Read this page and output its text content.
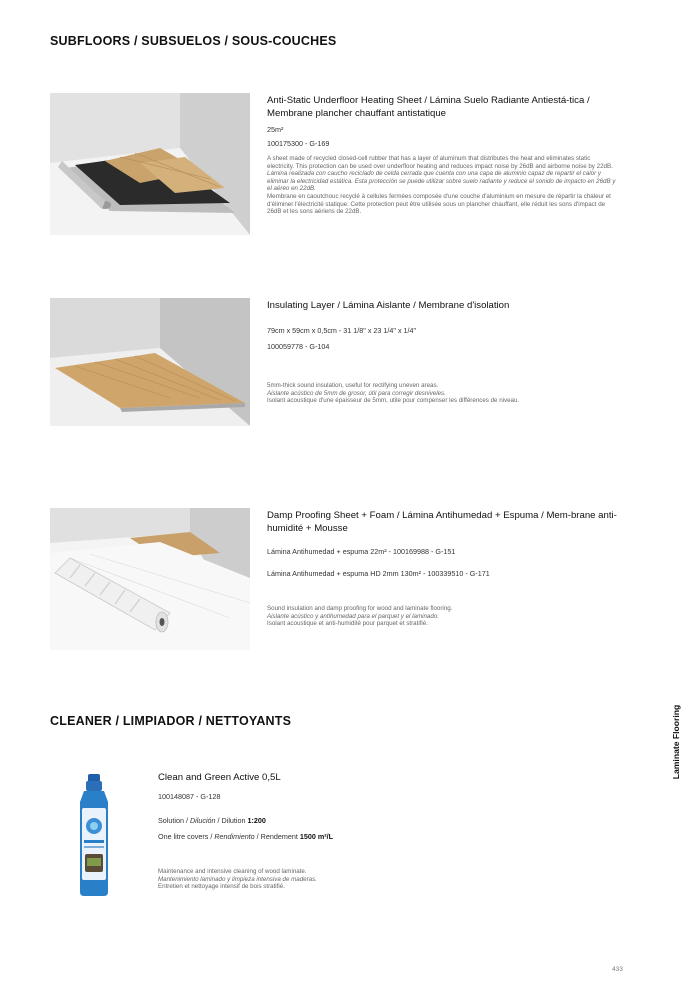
SUBFLOORS / SUBSUELOS / SOUS-COUCHES
Anti-Static Underfloor Heating Sheet / Lámina Suelo Radiante Antiestá-tica / Membrane plancher chauffant antistatique
25m²
100175300 - G-169
A sheet made of recycled closed-cell rubber that has a layer of aluminum that distributes the heat and eliminates static electricity. This protection can be used over underfloor heating and reduces impact noise by 26dB and airborne noise by 22dB.
Lámina realizada con caucho reciclado de celda cerrada que cuenta con una capa de aluminio capaz de repartir el calor y eliminar la electricidad estática. Esta protección se puede utilizar sobre suelo radiante y reduce el sonido de impacto en 26dB y el aéreo en 22dB.
Membrane en caoutchouc recyclé à cellules fermées composée d'une couche d'aluminium en mesure de répartir la chaleur et d'éliminer l'électricité statique. Cette protection peut être utilisée sous un plancher chauffant, elle réduit les sons d'impact de 26dB et les sons aériens de 22dB.
Insulating Layer / Lámina Aislante / Membrane d'isolation
79cm x 59cm x 0,5cm - 31 1/8" x 23 1/4" x 1/4"
100059778 - G-104
5mm-thick sound insulation, useful for rectifying uneven areas.
Aislante acústico de 5mm de grosor, útil para corregir desniveles.
Isolant acoustique d'une épaisseur de 5mm, utile pour compenser les différences de niveau.
Damp Proofing Sheet + Foam / Lámina Antihumedad + Espuma / Mem-brane anti-humidité + Mousse
Lámina Antihumedad + espuma 22m² - 100169988 - G-151
Lámina Antihumedad + espuma HD 2mm 130m² - 100339510 - G-171
Sound insulation and damp proofing for wood and laminate flooring.
Aislante acústico y antihumedad para el parquet y el laminado.
Isolant acoustique et anti-humidité pour parquet et stratifié.
CLEANER / LIMPIADOR / NETTOYANTS
Clean and Green Active 0,5L
100148087 - G-128
Solution / Dilución / Dilution 1:200
One litre covers / Rendimiento / Rendement 1500 m²/L
Maintenance and intensive cleaning of wood laminate.
Mantenimiento laminado y limpieza intensiva de maderas.
Entretien et nettoyage intensif de bois stratifié.
Laminate Flooring
433
